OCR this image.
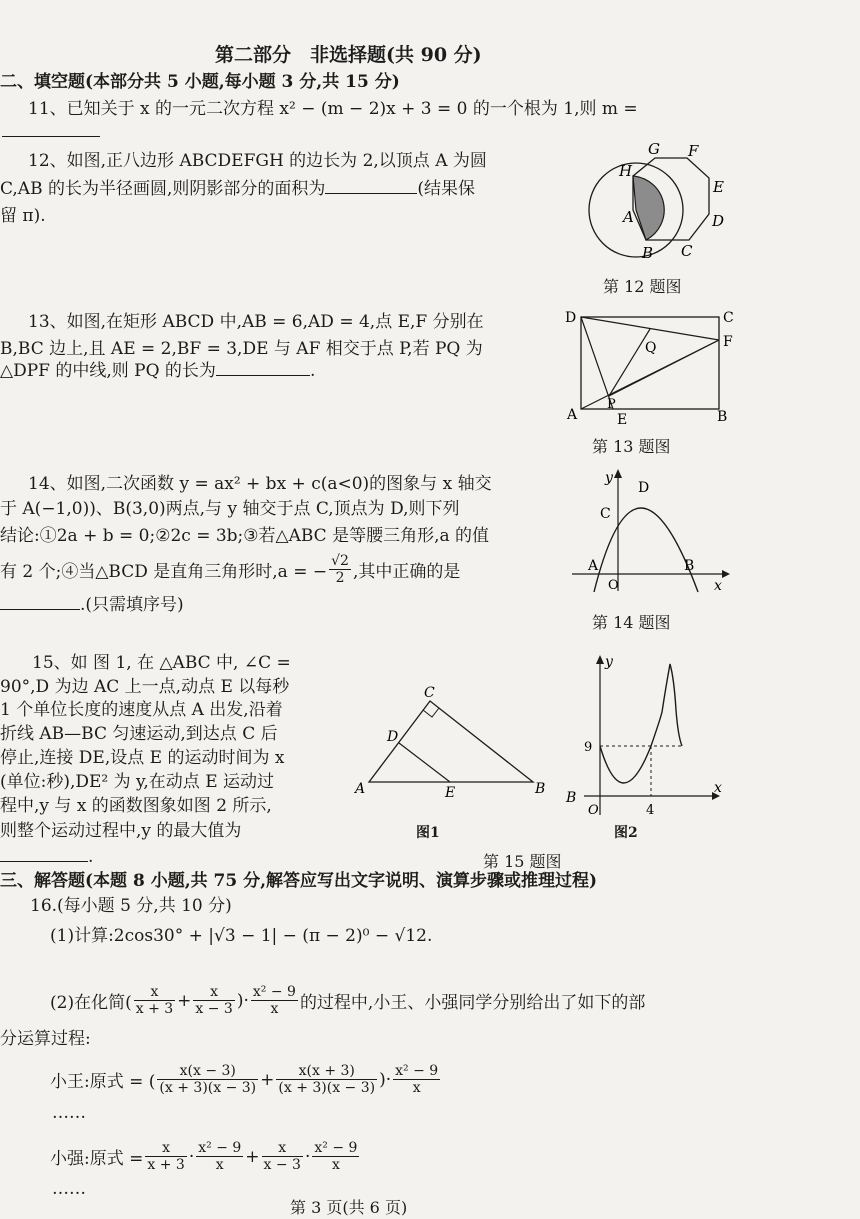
第二部分　非选择题(共 90 分)
二、填空题(本部分共 5 小题,每小题 3 分,共 15 分)
11、已知关于 x 的一元二次方程 x² − (m − 2)x + 3 = 0 的一个根为 1,则 m =
12、如图,正八边形 ABCDEFGH 的边长为 2,以顶点 A 为圆
C,AB 的长为半径画圆,则阴影部分的面积为	(结果保
留 π).
H
G F
E
D
C
B
A
第 12 题图
13、如图,在矩形 ABCD 中,AB = 6,AD = 4,点 E,F 分别在
B,BC 边上,且 AE = 2,BF = 3,DE 与 AF 相交于点 P,若 PQ 为
△DPF 的中线,则 PQ 的长为	.
D	C
Q	F
P
A	E	B
第 13 题图
14、如图,二次函数 y = ax² + bx + c(a<0)的图象与 x 轴交
于 A(−1,0))、B(3,0)两点,与 y 轴交于点 C,顶点为 D,则下列
结论:①2a + b = 0;②2c = 3b;③若△ABC 是等腰三角形,a 的值
有 2 个;④当△BCD 是直角三角形时,a = − $\frac{√2}{2}$ ,其中正确的是
.(只需填序号)
y
D
C
A
O
B
x
第 14 题图
15、如 图 1, 在 △ABC 中, ∠C =
90°,D 为边 AC 上一点,动点 E 以每秒
1 个单位长度的速度从点 A 出发,沿着
折线 AB—BC 匀速运动,到达点 C 后
停止,连接 DE,设点 E 的运动时间为 x
(单位:秒),DE² 为 y,在动点 E 运动过
程中,y 与 x 的函数图象如图 2 所示,
则整个运动过程中,y 的最大值为
.
C
D
A	E	B
图1
y
9
B
O	4
x
图2
第 15 题图
三、解答题(本题 8 小题,共 75 分,解答应写出文字说明、演算步骤或推理过程)
16.(每小题 5 分,共 10 分)
(1)计算:2cos30° + |√3 − 1| − (π − 2)⁰ − √12.
(2)在化简( $\frac{x}{x + 3} + \frac{x}{x - 3}$ )· $\frac{\text{x² − 9}}{x}$ 的过程中,小王、小强同学分别给出了如下的部
分运算过程:
小王:原式 = ( $\frac{x(x - 3)}{(x + 3)(x - 3)} + \frac{x(x + 3)}{(x + 3)(x - 3)}$ )· $\frac{\text{x² − 9}}{x}$
……
小强:原式 = $\frac{x}{x + 3} \cdot \frac{\text{x² − 9}}{x} + \frac{x}{x - 3} \cdot \frac{\text{x² − 9}}{x}$
……
第 3 页(共 6 页)
